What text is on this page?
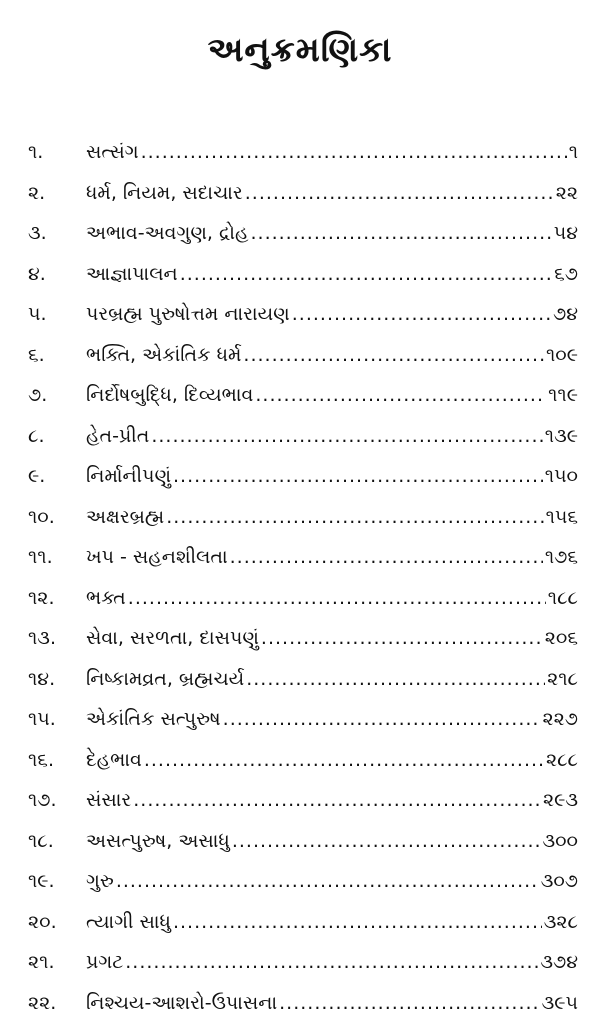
અનુક્રમણિકા
૧.	સત્સંગ .....	૧
૨.	ધર્મ, નિયમ, સદાચાર .....	૨૨
૩.	અભાવ-અવગુણ, દ્રોહ .....	૫૪
૪.	આજ્ઞાપાલન .....	૬૭
૫.	પરબ્રહ્મ પુરુષોત્તમ નારાયણ .....	૭૪
૬.	ભક્તિ, એકાંતિક ધર્મ .....	૧૦૯
૭.	નિર્દોષબુદ્ધિ, દિવ્યભાવ .....	૧૧૯
૮.	હેત-પ્રીત .....	૧૩૯
૯.	નિર્માનીપણું .....	૧૫૦
૧૦.	અક્ષરબ્રહ્મ .....	૧૫૬
૧૧.	ખપ - સહનશીલતા .....	૧૭૬
૧૨.	ભક્ત .....	૧૮૮
૧૩.	સેવા, સરળતા, દાસપણું .....	૨૦૬
૧૪.	નિષ્કામવ્રત, બ્રહ્મચર્ય .....	૨૧૮
૧૫.	એકાંતિક સત્પુરુષ .....	૨૨૭
૧૬.	દેહભાવ .....	૨૮૮
૧૭.	સંસાર .....	૨૯૩
૧૮.	અસત્પુરુષ, અસાધુ .....	૩૦૦
૧૯.	ગુરુ .....	૩૦૭
૨૦.	ત્યાગી સાધુ .....	૩૨૮
૨૧.	પ્રગટ .....	૩૭૪
૨૨.	નિશ્ચય-આશરો-ઉપાસના .....	૩૯૫
